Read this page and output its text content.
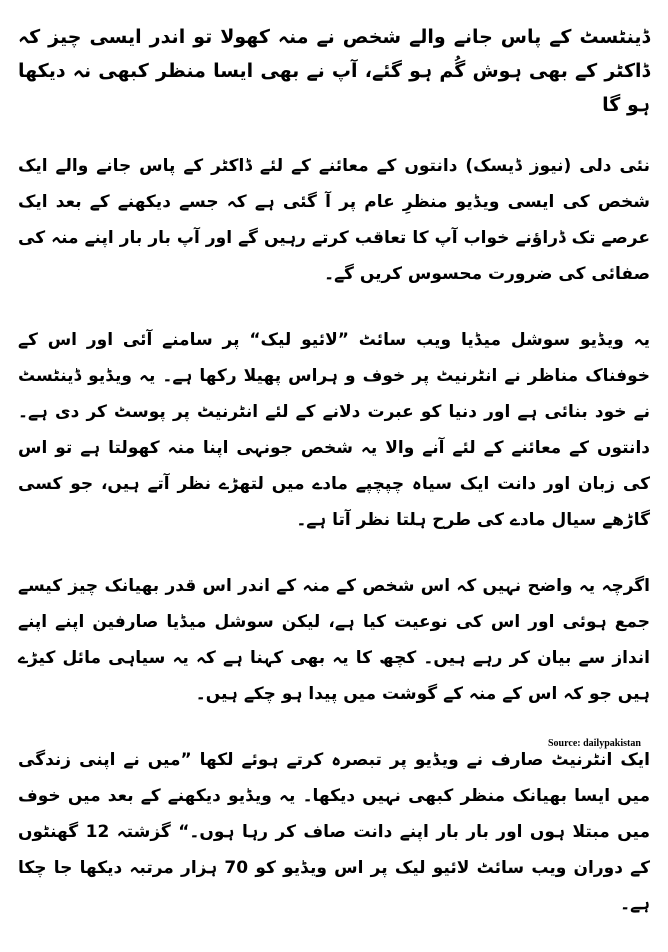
ڈینٹسٹ کے پاس جانے والے شخص نے منہ کھولا تو اندر ایسی چیز کہ ڈاکٹر کے بھی ہوش گُم ہو گئے، آپ نے بھی ایسا منظر کبھی نہ دیکھا ہو گا

نئی دلی (نیوز ڈیسک) دانتوں کے معائنے کے لئے ڈاکٹر کے پاس جانے والے ایک شخص کی ایسی ویڈیو منظرِ عام پر آ گئی ہے کہ جسے دیکھنے کے بعد ایک عرصے تک ڈراؤنے خواب آپ کا تعاقب کرتے رہیں گے اور آپ بار بار اپنے منہ کی صفائی کی ضرورت محسوس کریں گے۔

یہ ویڈیو سوشل میڈیا ویب سائٹ ”لائیو لیک“ پر سامنے آئی اور اس کے خوفناک مناظر نے انٹرنیٹ پر خوف و ہراس پھیلا رکھا ہے۔ یہ ویڈیو ڈینٹسٹ نے خود بنائی ہے اور دنیا کو عبرت دلانے کے لئے انٹرنیٹ پر پوسٹ کر دی ہے۔ دانتوں کے معائنے کے لئے آنے والا یہ شخص جونہی اپنا منہ کھولتا ہے تو اس کی زبان اور دانت ایک سیاہ چپچپے مادے میں لتھڑے نظر آتے ہیں، جو کسی گاڑھے سیال مادے کی طرح ہلتا نظر آتا ہے۔

اگرچہ یہ واضح نہیں کہ اس شخص کے منہ کے اندر اس قدر بھیانک چیز کیسے جمع ہوئی اور اس کی نوعیت کیا ہے، لیکن سوشل میڈیا صارفین اپنے اپنے انداز سے بیان کر رہے ہیں۔ کچھ کا یہ بھی کہنا ہے کہ یہ سیاہی مائل کیڑے ہیں جو کہ اس کے منہ کے گوشت میں پیدا ہو چکے ہیں۔

ایک انٹرنیٹ صارف نے ویڈیو پر تبصرہ کرتے ہوئے لکھا ”میں نے اپنی زندگی میں ایسا بھیانک منظر کبھی نہیں دیکھا۔ یہ ویڈیو دیکھنے کے بعد میں خوف میں مبتلا ہوں اور بار بار اپنے دانت صاف کر رہا ہوں۔“ گزشتہ 12 گھنٹوں کے دوران ویب سائٹ لائیو لیک پر اس ویڈیو کو 70 ہزار مرتبہ دیکھا جا چکا ہے۔

Source: dailypakistan
